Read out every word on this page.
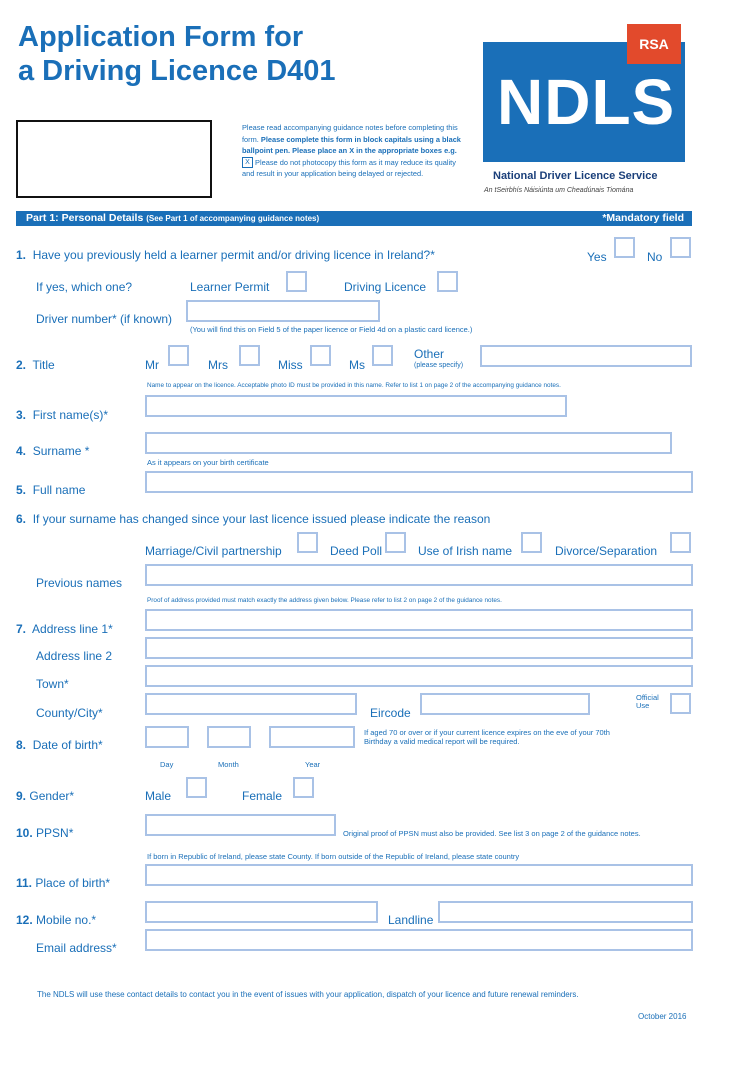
Application Form for
a Driving Licence D401
Please read accompanying guidance notes before completing this form. Please complete this form in block capitals using a black ballpoint pen. Please place an X in the appropriate boxes e.g. X Please do not photocopy this form as it may reduce its quality and result in your application being delayed or rejected.
NDLS
RSA
National Driver Licence Service
An tSeirbhís Náisiúnta um Cheadúnais Tiomána
Part 1: Personal Details (See Part 1 of accompanying guidance notes)	*Mandatory field
1. Have you previously held a learner permit and/or driving licence in Ireland?*	Yes	No
If yes, which one?	Learner Permit	Driving Licence
Driver number* (if known)
(You will find this on Field 5 of the paper licence or Field 4d on a plastic card licence.)
2. Title	Mr	Mrs	Miss	Ms
Other
(please specify)
Name to appear on the licence. Acceptable photo ID must be provided in this name. Refer to list 1 on page 2 of the accompanying guidance notes.
3. First name(s)*
4. Surname *
As it appears on your birth certificate
5. Full name
6. If your surname has changed since your last licence issued please indicate the reason
Marriage/Civil partnership	Deed Poll	Use of Irish name	Divorce/Separation
Previous names
Proof of address provided must match exactly the address given below. Please refer to list 2 on page 2 of the guidance notes.
7. Address line 1*
Address line 2
Town*
County/City*	Eircode
Official Use
8. Date of birth*
If aged 70 or over or if your current licence expires on the eve of your 70th Birthday a valid medical report will be required.
Day	Month	Year
9. Gender*	Male	Female
10. PPSN*	Original proof of PPSN must also be provided. See list 3 on page 2 of the guidance notes.
If born in Republic of Ireland, please state County. If born outside of the Republic of Ireland, please state country
11. Place of birth*
12. Mobile no.*	Landline
Email address*
The NDLS will use these contact details to contact you in the event of issues with your application, dispatch of your licence and future renewal reminders.
October 2016
